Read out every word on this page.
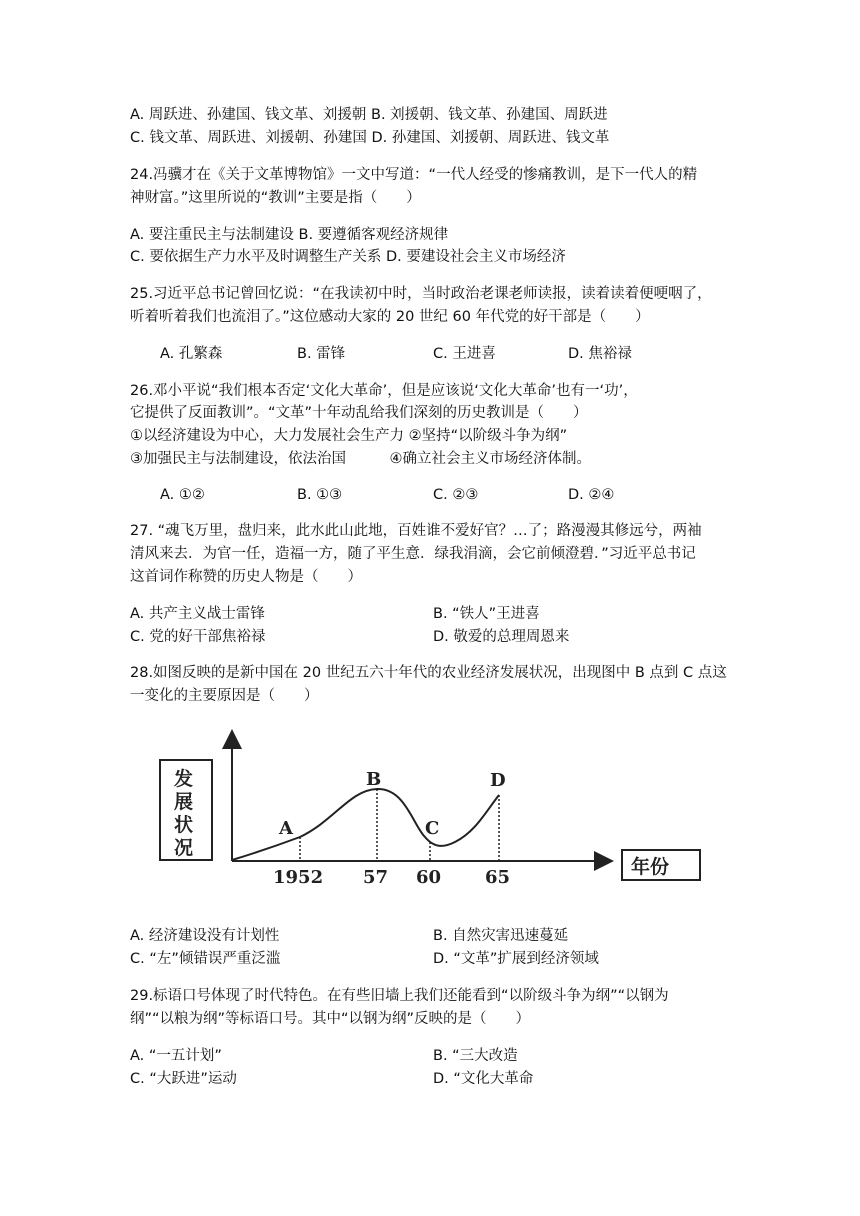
A. 周跃进、孙建国、钱文革、刘援朝 B. 刘援朝、钱文革、孙建国、周跃进
C. 钱文革、周跃进、刘援朝、孙建国 D. 孙建国、刘援朝、周跃进、钱文革
24.冯骥才在《关于文革博物馆》一文中写道：“一代人经受的惨痛教训，是下一代人的精
神财富。”这里所说的“教训”主要是指（　　）
A. 要注重民主与法制建设 B. 要遵循客观经济规律
C. 要依据生产力水平及时调整生产关系 D. 要建设社会主义市场经济
25.习近平总书记曾回忆说：“在我读初中时，当时政治老课老师读报，读着读着便哽咽了，
听着听着我们也流泪了。”这位感动大家的 20 世纪 60 年代党的好干部是（　　）
A. 孔繁森	B. 雷锋	C. 王进喜	D. 焦裕禄
26.邓小平说“我们根本否定‘文化大革命’，但是应该说‘文化大革命’也有一‘功’，
它提供了反面教训”。“文革”十年动乱给我们深刻的历史教训是（　　）
①以经济建设为中心，大力发展社会生产力 ②坚持“以阶级斗争为纲”
③加强民主与法制建设，依法治国　　　④确立社会主义市场经济体制。
A. ①②	B. ①③	C. ②③	D. ②④
27. “魂飞万里，盘归来，此水此山此地，百姓谁不爱好官？…了；路漫漫其修远兮，两袖
清风来去．为官一任，造福一方，随了平生意．绿我涓滴，会它前倾澄碧．”习近平总书记
这首词作称赞的历史人物是（　　）
A. 共产主义战士雷锋	B. “铁人”王进喜
C. 党的好干部焦裕禄	D. 敬爱的总理周恩来
28.如图反映的是新中国在 20 世纪五六十年代的农业经济发展状况，出现图中 B 点到 C 点这
一变化的主要原因是（　　）
发
展
状
况
年份
A
B
C
D
1952 57 60 65
A. 经济建设没有计划性	B. 自然灾害迅速蔓延
C. “左”倾错误严重泛滥	D. “文革”扩展到经济领域
29.标语口号体现了时代特色。在有些旧墙上我们还能看到“以阶级斗争为纲”“以钢为
纲”“以粮为纲”等标语口号。其中“以钢为纲”反映的是（　　）
A. “一五计划”	B. “三大改造
C. “大跃进”运动	D. “文化大革命
